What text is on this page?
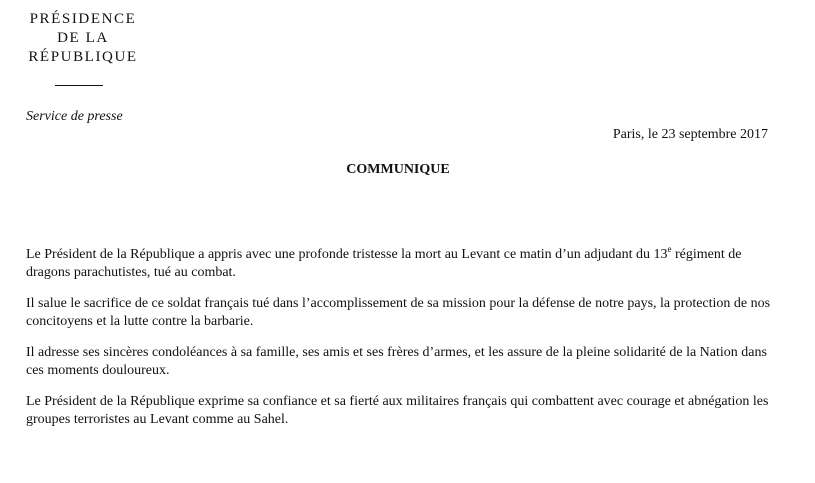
PRÉSIDENCE
DE LA
RÉPUBLIQUE
Service de presse
Paris, le 23 septembre 2017
COMMUNIQUE

Le Président de la République a appris avec une profonde tristesse la mort au Levant ce matin d’un adjudant du 13e régiment de dragons parachutistes, tué au combat.

Il salue le sacrifice de ce soldat français tué dans l’accomplissement de sa mission pour la défense de notre pays, la protection de nos concitoyens et la lutte contre la barbarie.

Il adresse ses sincères condoléances à sa famille, ses amis et ses frères d’armes, et les assure de la pleine solidarité de la Nation dans ces moments douloureux.

Le Président de la République exprime sa confiance et sa fierté aux militaires français qui combattent avec courage et abnégation les groupes terroristes au Levant comme au Sahel.
